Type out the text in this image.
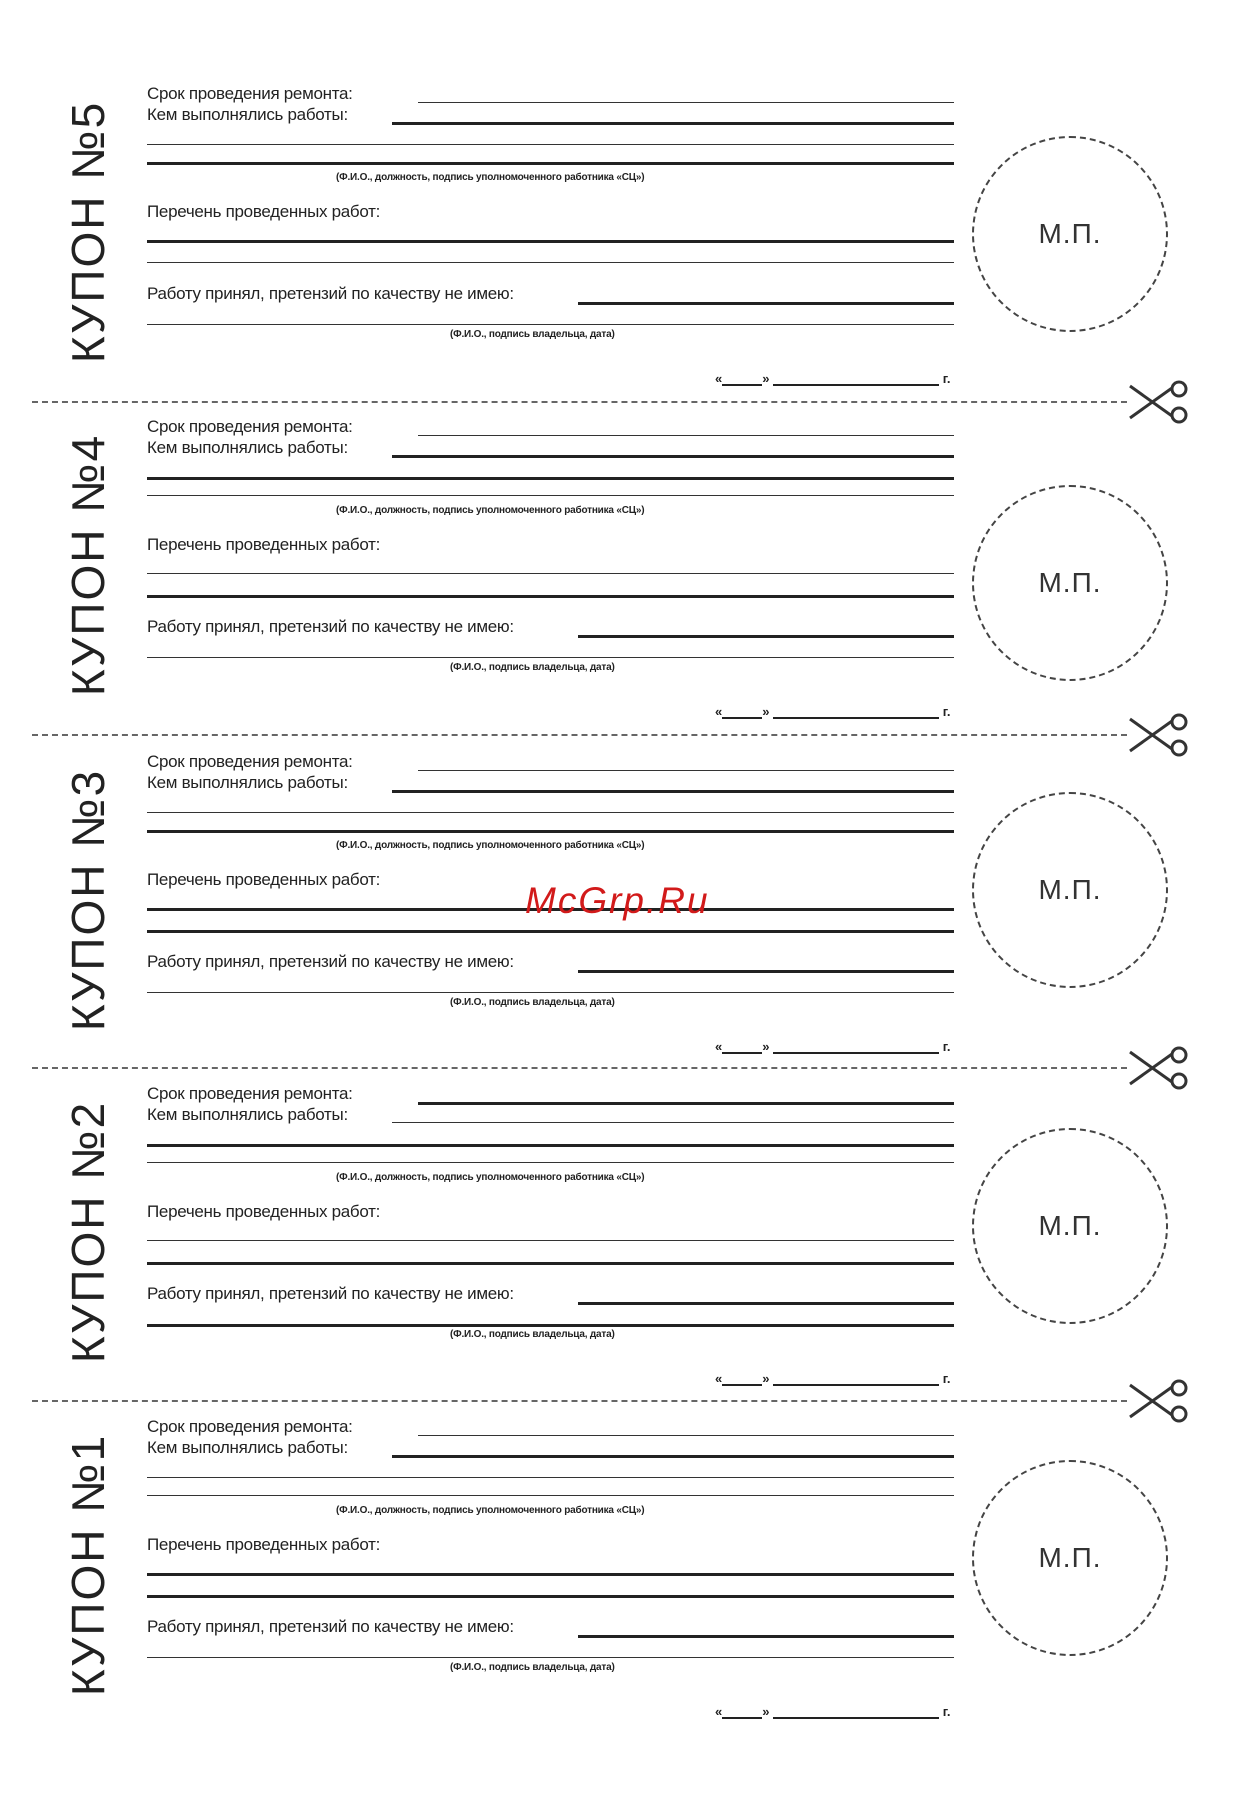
КУПОН №5
Срок проведения ремонта:
Кем выполнялись работы:
(Ф.И.О., должность, подпись уполномоченного работника «СЦ»)
Перечень проведенных работ:
Работу принял, претензий по качеству не имею:
(Ф.И.О., подпись владельца, дата)
«	»	г.
М.П.
КУПОН №4
Срок проведения ремонта:
Кем выполнялись работы:
(Ф.И.О., должность, подпись уполномоченного работника «СЦ»)
Перечень проведенных работ:
Работу принял, претензий по качеству не имею:
(Ф.И.О., подпись владельца, дата)
«	»	г.
М.П.
КУПОН №3
Срок проведения ремонта:
Кем выполнялись работы:
(Ф.И.О., должность, подпись уполномоченного работника «СЦ»)
Перечень проведенных работ:
Работу принял, претензий по качеству не имею:
(Ф.И.О., подпись владельца, дата)
«	»	г.
М.П.
КУПОН №2
Срок проведения ремонта:
Кем выполнялись работы:
(Ф.И.О., должность, подпись уполномоченного работника «СЦ»)
Перечень проведенных работ:
Работу принял, претензий по качеству не имею:
(Ф.И.О., подпись владельца, дата)
«	»	г.
М.П.
КУПОН №1
Срок проведения ремонта:
Кем выполнялись работы:
(Ф.И.О., должность, подпись уполномоченного работника «СЦ»)
Перечень проведенных работ:
Работу принял, претензий по качеству не имею:
(Ф.И.О., подпись владельца, дата)
«	»	г.
М.П.
McGrp.Ru
